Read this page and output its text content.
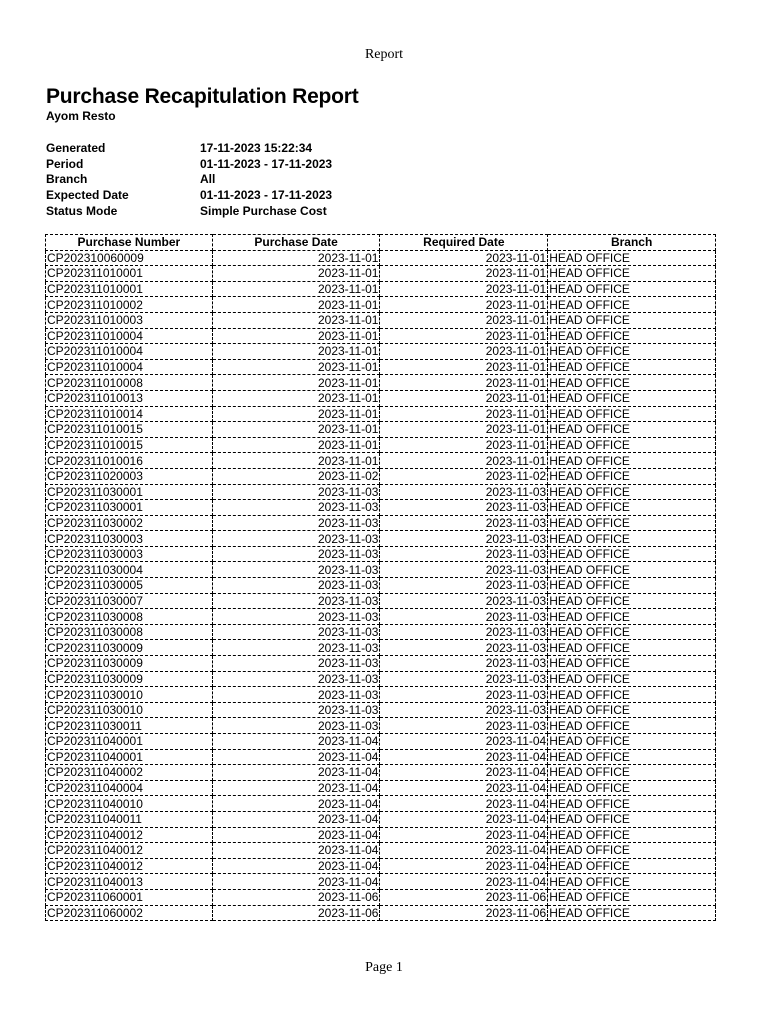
Report
Purchase Recapitulation Report
Ayom Resto
Generated	17-11-2023 15:22:34
Period	01-11-2023 - 17-11-2023
Branch	All
Expected Date	01-11-2023 - 17-11-2023
Status Mode	Simple Purchase Cost
Purchase Number	Purchase Date	Required Date	Branch
CP202310060009	2023-11-01	2023-11-01	HEAD OFFICE
CP202311010001	2023-11-01	2023-11-01	HEAD OFFICE
CP202311010001	2023-11-01	2023-11-01	HEAD OFFICE
CP202311010002	2023-11-01	2023-11-01	HEAD OFFICE
CP202311010003	2023-11-01	2023-11-01	HEAD OFFICE
CP202311010004	2023-11-01	2023-11-01	HEAD OFFICE
CP202311010004	2023-11-01	2023-11-01	HEAD OFFICE
CP202311010004	2023-11-01	2023-11-01	HEAD OFFICE
CP202311010008	2023-11-01	2023-11-01	HEAD OFFICE
CP202311010013	2023-11-01	2023-11-01	HEAD OFFICE
CP202311010014	2023-11-01	2023-11-01	HEAD OFFICE
CP202311010015	2023-11-01	2023-11-01	HEAD OFFICE
CP202311010015	2023-11-01	2023-11-01	HEAD OFFICE
CP202311010016	2023-11-01	2023-11-01	HEAD OFFICE
CP202311020003	2023-11-02	2023-11-02	HEAD OFFICE
CP202311030001	2023-11-03	2023-11-03	HEAD OFFICE
CP202311030001	2023-11-03	2023-11-03	HEAD OFFICE
CP202311030002	2023-11-03	2023-11-03	HEAD OFFICE
CP202311030003	2023-11-03	2023-11-03	HEAD OFFICE
CP202311030003	2023-11-03	2023-11-03	HEAD OFFICE
CP202311030004	2023-11-03	2023-11-03	HEAD OFFICE
CP202311030005	2023-11-03	2023-11-03	HEAD OFFICE
CP202311030007	2023-11-03	2023-11-03	HEAD OFFICE
CP202311030008	2023-11-03	2023-11-03	HEAD OFFICE
CP202311030008	2023-11-03	2023-11-03	HEAD OFFICE
CP202311030009	2023-11-03	2023-11-03	HEAD OFFICE
CP202311030009	2023-11-03	2023-11-03	HEAD OFFICE
CP202311030009	2023-11-03	2023-11-03	HEAD OFFICE
CP202311030010	2023-11-03	2023-11-03	HEAD OFFICE
CP202311030010	2023-11-03	2023-11-03	HEAD OFFICE
CP202311030011	2023-11-03	2023-11-03	HEAD OFFICE
CP202311040001	2023-11-04	2023-11-04	HEAD OFFICE
CP202311040001	2023-11-04	2023-11-04	HEAD OFFICE
CP202311040002	2023-11-04	2023-11-04	HEAD OFFICE
CP202311040004	2023-11-04	2023-11-04	HEAD OFFICE
CP202311040010	2023-11-04	2023-11-04	HEAD OFFICE
CP202311040011	2023-11-04	2023-11-04	HEAD OFFICE
CP202311040012	2023-11-04	2023-11-04	HEAD OFFICE
CP202311040012	2023-11-04	2023-11-04	HEAD OFFICE
CP202311040012	2023-11-04	2023-11-04	HEAD OFFICE
CP202311040013	2023-11-04	2023-11-04	HEAD OFFICE
CP202311060001	2023-11-06	2023-11-06	HEAD OFFICE
CP202311060002	2023-11-06	2023-11-06	HEAD OFFICE
Page 1
